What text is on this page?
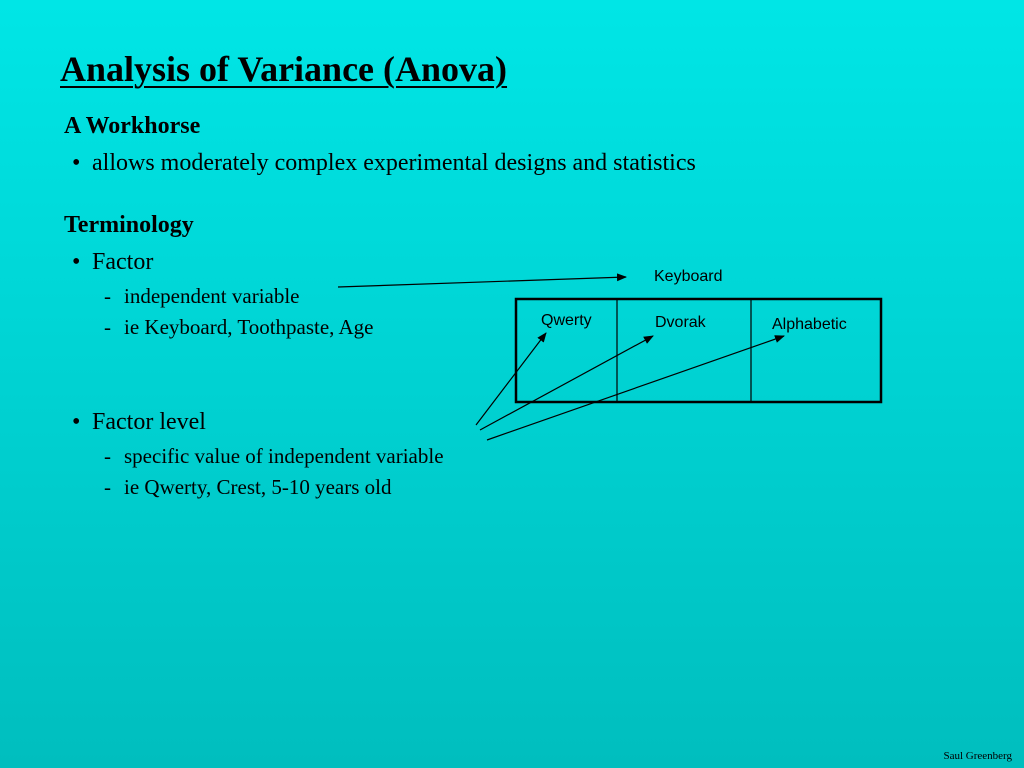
Analysis of Variance (Anova)
A Workhorse
• allows moderately complex experimental designs and statistics
Terminology
• Factor
- independent variable
- ie Keyboard, Toothpaste, Age
• Factor level
- specific value of independent variable
- ie Qwerty, Crest, 5-10 years old
Keyboard
Qwerty	Dvorak	Alphabetic
Saul Greenberg
